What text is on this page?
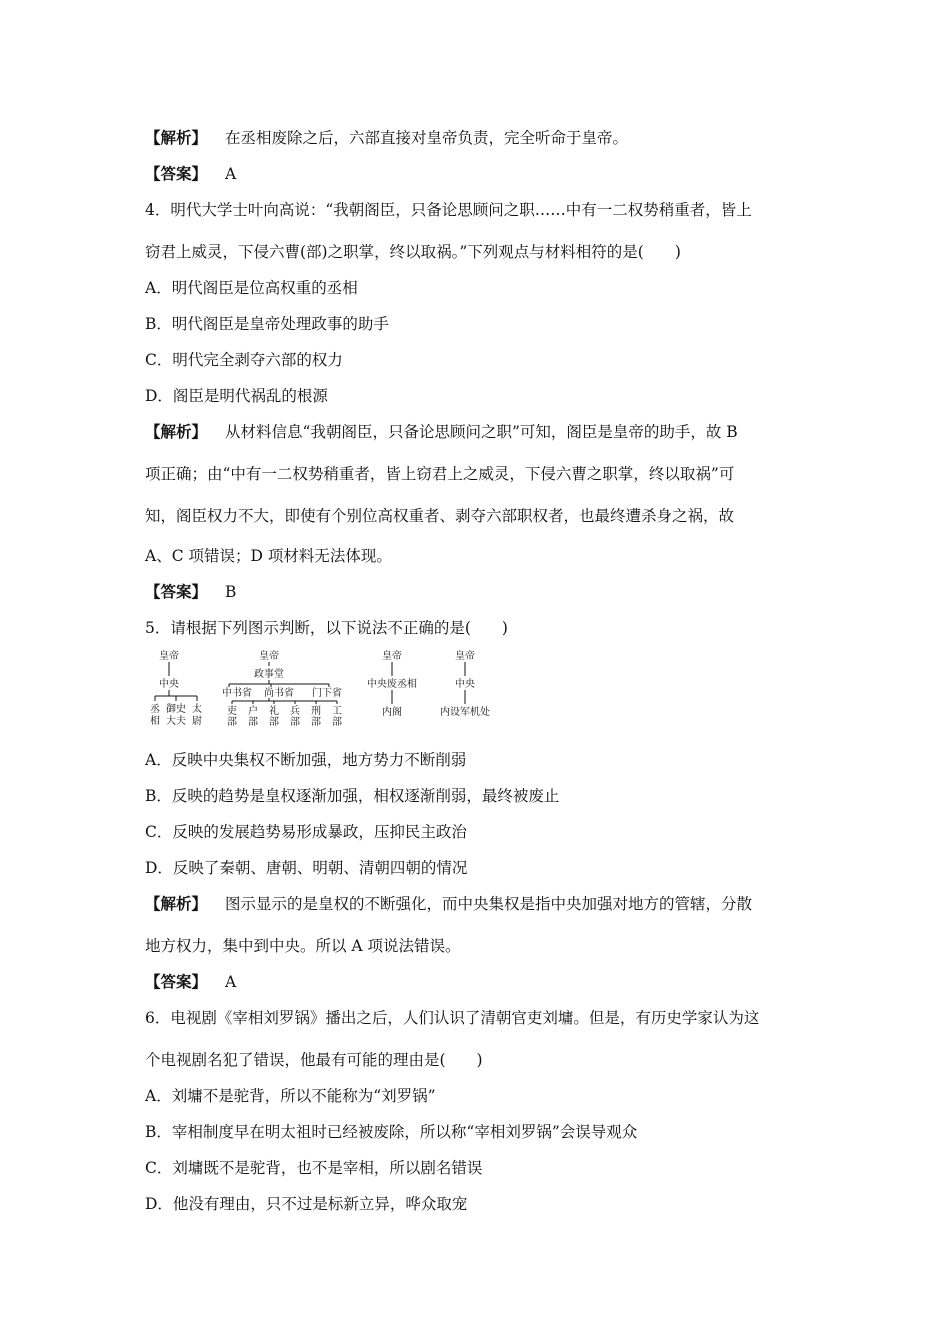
【解析】 在丞相废除之后，六部直接对皇帝负责，完全听命于皇帝。
【答案】 A
4．明代大学士叶向高说：“我朝阁臣，只备论思顾问之职……中有一二权势稍重者，皆上
窃君上威灵，下侵六曹(部)之职掌，终以取祸。”下列观点与材料相符的是(　　)
A．明代阁臣是位高权重的丞相
B．明代阁臣是皇帝处理政事的助手
C．明代完全剥夺六部的权力
D．阁臣是明代祸乱的根源
【解析】 从材料信息“我朝阁臣，只备论思顾问之职”可知，阁臣是皇帝的助手，故 B
项正确；由“中有一二权势稍重者，皆上窃君上之威灵，下侵六曹之职掌，终以取祸”可
知，阁臣权力不大，即使有个别位高权重者、剥夺六部职权者，也最终遭杀身之祸，故
A、C 项错误；D 项材料无法体现。
【答案】 B
5．请根据下列图示判断，以下说法不正确的是(　　)
皇帝
中央
丞 御史 太
相 大夫 尉
皇帝
政事堂
中书省 尚书省 门下省
吏 户 礼 兵 刑 工
部 部 部 部 部 部
皇帝
中央废丞相
内阁
皇帝
中央
内设军机处
A．反映中央集权不断加强，地方势力不断削弱
B．反映的趋势是皇权逐渐加强，相权逐渐削弱，最终被废止
C．反映的发展趋势易形成暴政，压抑民主政治
D．反映了秦朝、唐朝、明朝、清朝四朝的情况
【解析】 图示显示的是皇权的不断强化，而中央集权是指中央加强对地方的管辖，分散
地方权力，集中到中央。所以 A 项说法错误。
【答案】 A
6．电视剧《宰相刘罗锅》播出之后，人们认识了清朝官吏刘墉。但是，有历史学家认为这
个电视剧名犯了错误，他最有可能的理由是(　　)
A．刘墉不是驼背，所以不能称为“刘罗锅”
B．宰相制度早在明太祖时已经被废除，所以称“宰相刘罗锅”会误导观众
C．刘墉既不是驼背，也不是宰相，所以剧名错误
D．他没有理由，只不过是标新立异，哗众取宠
